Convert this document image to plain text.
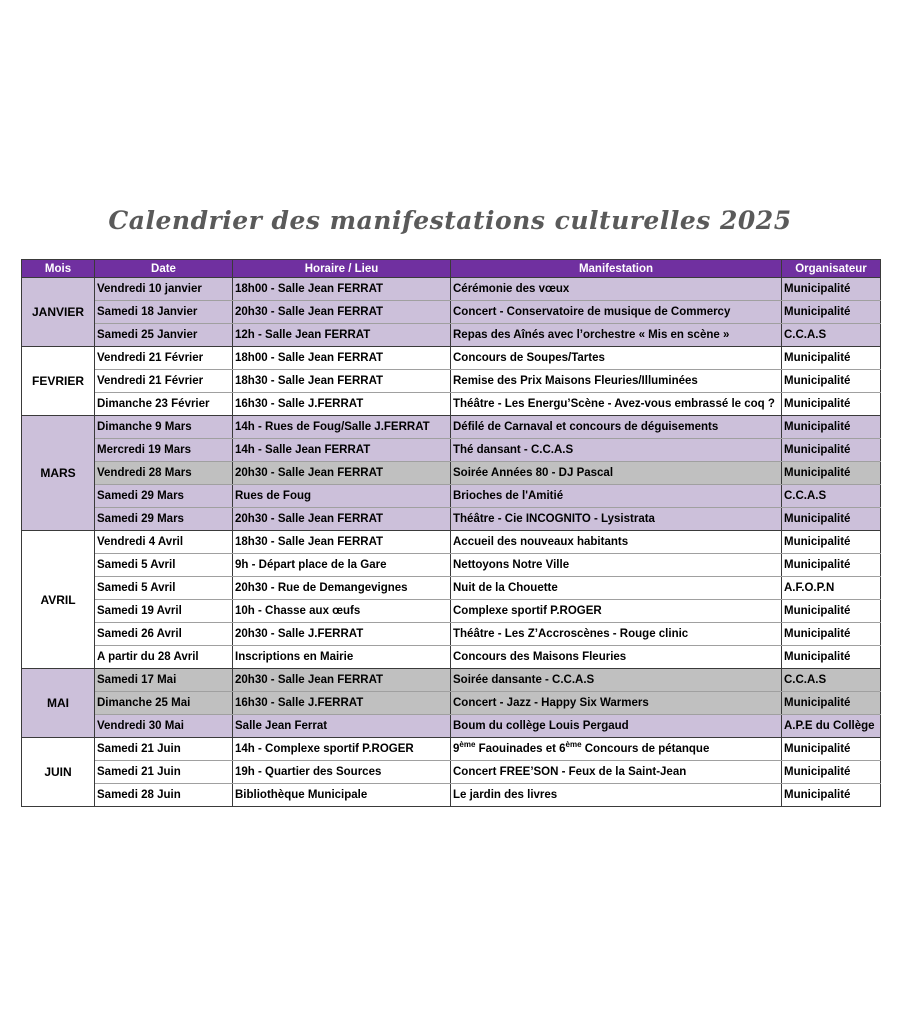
Calendrier des manifestations culturelles 2025
Mois	Date	Horaire / Lieu	Manifestation	Organisateur
JANVIER	Vendredi 10 janvier	18h00 - Salle Jean FERRAT	Cérémonie des vœux	Municipalité
	Samedi 18 Janvier	20h30 - Salle Jean FERRAT	Concert - Conservatoire de musique de Commercy	Municipalité
	Samedi 25 Janvier	12h - Salle Jean FERRAT	Repas des Aînés avec l’orchestre « Mis en scène »	C.C.A.S
FEVRIER	Vendredi 21 Février	18h00 - Salle Jean FERRAT	Concours de Soupes/Tartes	Municipalité
	Vendredi 21 Février	18h30 - Salle Jean FERRAT	Remise des Prix Maisons Fleuries/Illuminées	Municipalité
	Dimanche 23 Février	16h30 - Salle J.FERRAT	Théâtre - Les Energu’Scène - Avez-vous embrassé le coq ?	Municipalité
MARS	Dimanche 9 Mars	14h - Rues de Foug/Salle J.FERRAT	Défilé de Carnaval et concours de déguisements	Municipalité
	Mercredi 19 Mars	14h - Salle Jean FERRAT	Thé dansant - C.C.A.S	Municipalité
	Vendredi 28 Mars	20h30 - Salle Jean FERRAT	Soirée Années 80 - DJ Pascal	Municipalité
	Samedi 29 Mars	Rues de Foug	Brioches de l'Amitié	C.C.A.S
	Samedi 29 Mars	20h30 - Salle Jean FERRAT	Théâtre - Cie INCOGNITO - Lysistrata	Municipalité
AVRIL	Vendredi 4 Avril	18h30 - Salle Jean FERRAT	Accueil des nouveaux habitants	Municipalité
	Samedi 5 Avril	9h - Départ place de la Gare	Nettoyons Notre Ville	Municipalité
	Samedi 5 Avril	20h30 - Rue de Demangevignes	Nuit de la Chouette	A.F.O.P.N
	Samedi 19 Avril	10h - Chasse aux œufs	Complexe sportif P.ROGER	Municipalité
	Samedi 26 Avril	20h30 - Salle J.FERRAT	Théâtre - Les Z’Accroscènes - Rouge clinic	Municipalité
	A partir du 28 Avril	Inscriptions en Mairie	Concours des Maisons Fleuries	Municipalité
MAI	Samedi 17 Mai	20h30 - Salle Jean FERRAT	Soirée dansante - C.C.A.S	C.C.A.S
	Dimanche 25 Mai	16h30 - Salle J.FERRAT	Concert - Jazz - Happy Six Warmers	Municipalité
	Vendredi 30 Mai	Salle Jean Ferrat	Boum du collège Louis Pergaud	A.P.E du Collège
JUIN	Samedi 21 Juin	14h - Complexe sportif P.ROGER	9ème Faouinades et 6ème Concours de pétanque	Municipalité
	Samedi 21 Juin	19h - Quartier des Sources	Concert FREE’SON - Feux de la Saint-Jean	Municipalité
	Samedi 28 Juin	Bibliothèque Municipale	Le jardin des livres	Municipalité
